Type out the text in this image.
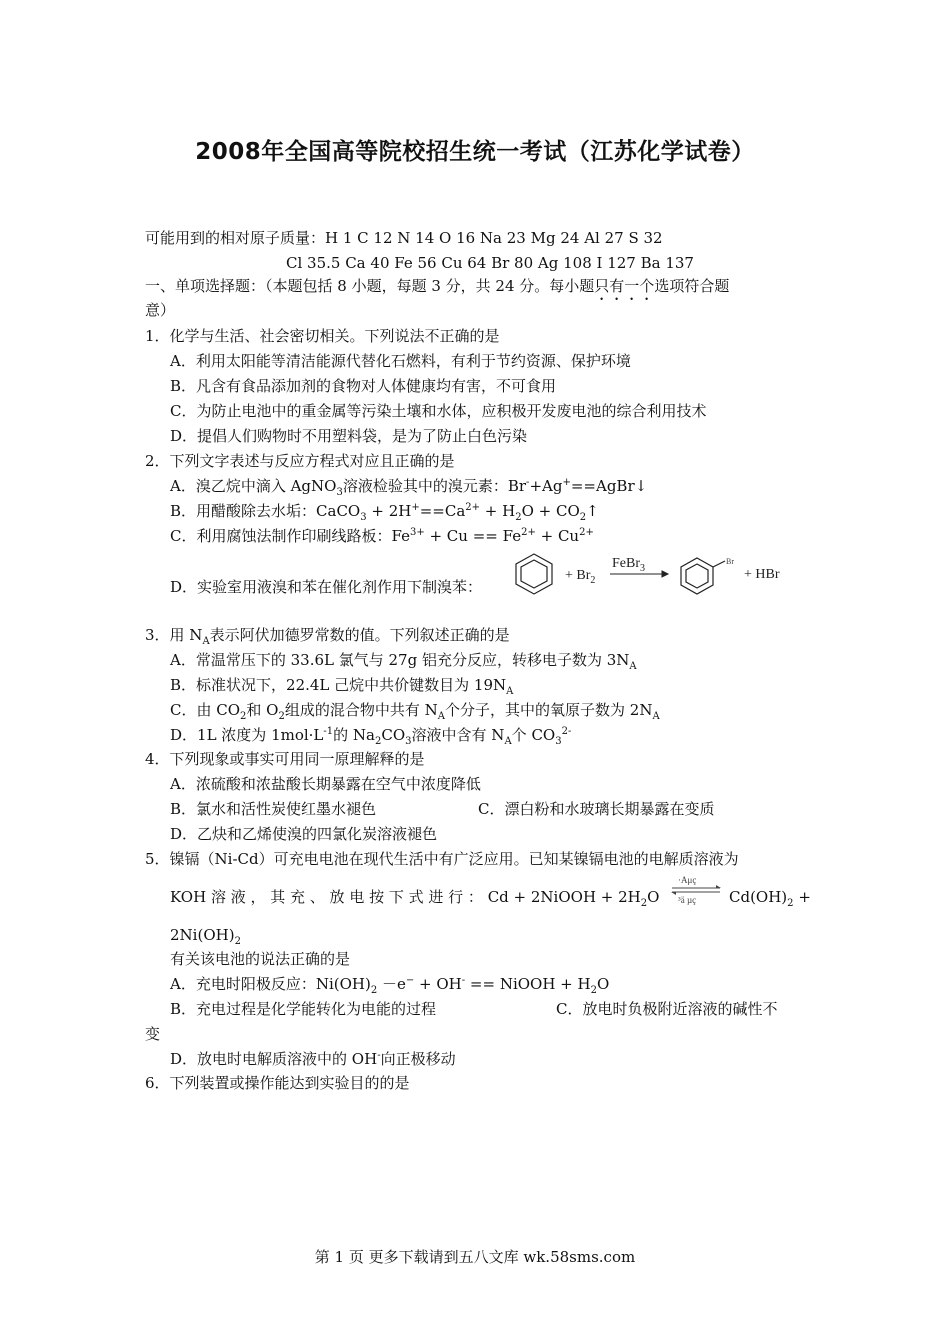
2008年全国高等院校招生统一考试（江苏化学试卷）
可能用到的相对原子质量：H 1 C 12 N 14 O 16 Na 23 Mg 24 Al 27 S 32
Cl 35.5 Ca 40 Fe 56 Cu 64 Br 80 Ag 108 I 127 Ba 137
一、单项选择题：（本题包括 8 小题，每题 3 分，共 24 分。每小题只有一个选项符合题
意）
1．化学与生活、社会密切相关。下列说法不正确的是
A．利用太阳能等清洁能源代替化石燃料，有利于节约资源、保护环境
B．凡含有食品添加剂的食物对人体健康均有害，不可食用
C．为防止电池中的重金属等污染土壤和水体，应积极开发废电池的综合利用技术
D．提倡人们购物时不用塑料袋，是为了防止白色污染
2．下列文字表述与反应方程式对应且正确的是
A．溴乙烷中滴入 AgNO$_3$溶液检验其中的溴元素：Br-+Ag+==AgBr↓
B．用醋酸除去水垢：CaCO$_3$ + $2H^+==Ca^{2+} + H_2O$ + $CO_2↑$
C．利用腐蚀法制作印刷线路板：$Fe^{3+} + Cu == Fe^{2+} + Cu^{2+}$
D．实验室用液溴和苯在催化剂作用下制溴苯：
+ $Br_2$
FeBr$_3$
Br
+ HBr
3．用 $N_A$表示阿伏加德罗常数的值。下列叙述正确的是
A．常温常压下的 33.6L 氯气与 27g 铝充分反应，转移电子数为 $3N_A$
B．标准状况下，22.4L 己烷中共价键数目为 $19N_A$
C．由 $CO_2$和 $O_2$组成的混合物中共有 $N_A$个分子，其中的氧原子数为 $2N_A$
D．1L 浓度为 $1mol\cdot L^{-1}$的 $Na_2CO_3$溶液中含有 $N_A$个 $CO_3^{2-}$
4．下列现象或事实可用同一原理解释的是
A．浓硫酸和浓盐酸长期暴露在空气中浓度降低
B．氯水和活性炭使红墨水褪色	C．漂白粉和水玻璃长期暴露在变质
D．乙炔和乙烯使溴的四氯化炭溶液褪色
5．镍镉（Ni-Cd）可充电电池在现代生活中有广泛应用。已知某镍镉电池的电解质溶液为
KOH 溶 液 ， 其 充 、 放 电 按 下 式 进 行 ： Cd + 2NiOOH + $2H_2O$
·Aμç
³ä µç $Cd(OH)_2$ +
$2Ni(OH)_2$
有关该电池的说法正确的是
A．充电时阳极反应：$Ni(OH)_2 -e^- + OH^-$ == NiOOH + $H_2O$
B．充电过程是化学能转化为电能的过程	C．放电时负极附近溶液的碱性不
变
D．放电时电解质溶液中的 OH-向正极移动
6．下列装置或操作能达到实验目的的是
第 1 页 更多下载请到五八文库 wk.58sms.com
